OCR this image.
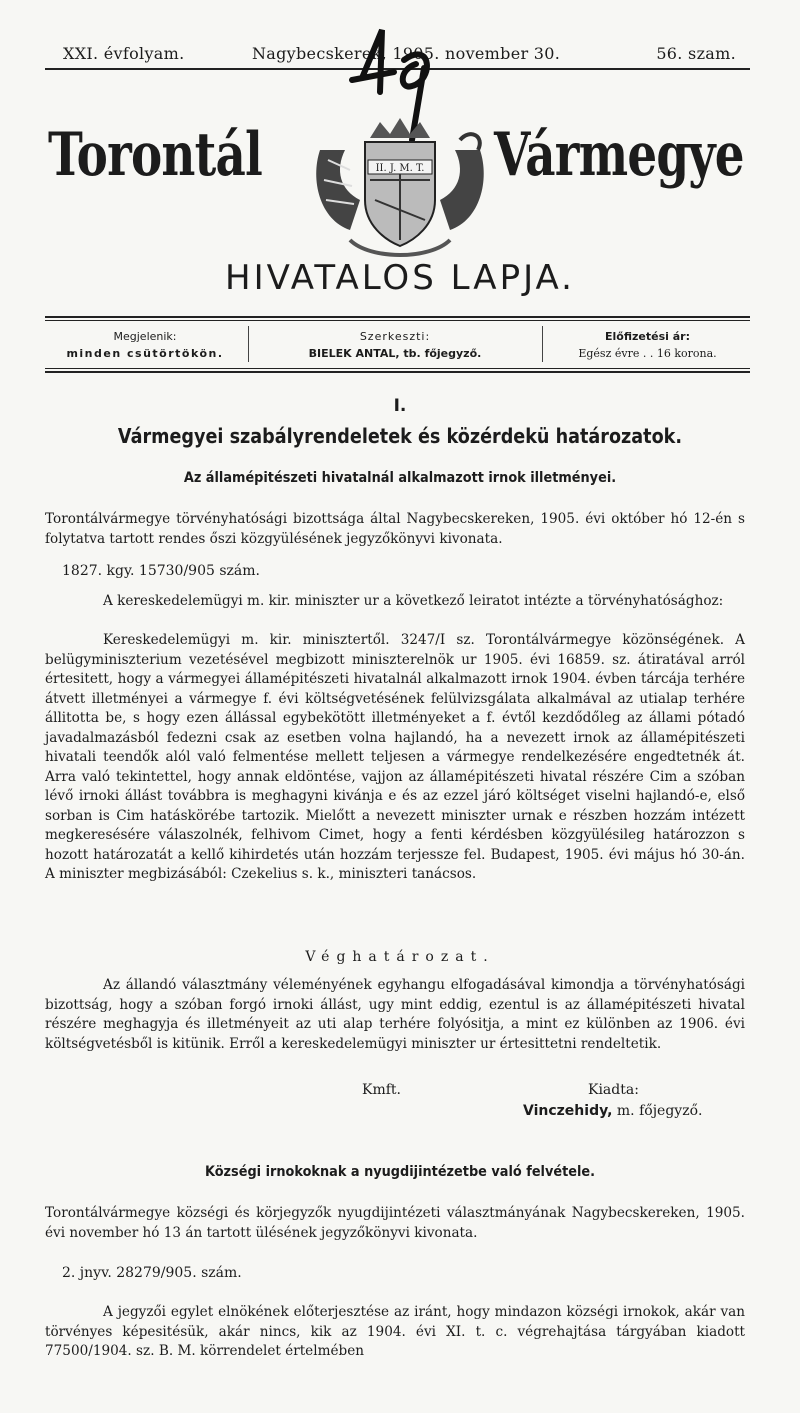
XXI. évfolyam.	Nagybecskerek, 1905. november 30.	56. szam.
Torontál	Vármegye
II. J. M. T.
HIVATALOS LAPJA.
Megjelenik:
minden csütörtökön.
Szerkeszti:
BIELEK ANTAL, tb. főjegyző.
Előfizetési ár:
Egész évre . . 16 korona.
I.
Vármegyei szabályrendeletek és közérdekü határozatok.
Az államépitészeti hivatalnál alkalmazott irnok illetményei.
Torontálvármegye törvényhatósági bizottsága által Nagybecskereken, 1905. évi október hó 12-én s folytatva tartott rendes őszi közgyülésének jegyzőkönyvi kivonata.
1827. kgy. 15730/905 szám.
A kereskedelemügyi m. kir. miniszter ur a következő leiratot intézte a törvényhatósághoz:
Kereskedelemügyi m. kir. minisztertől. 3247/I sz. Torontálvármegye közönségének. A belügyminiszterium vezetésével megbizott miniszterelnök ur 1905. évi 16859. sz. átiratával arról értesitett, hogy a vármegyei államépitészeti hivatalnál alkalmazott irnok 1904. évben tárcája terhére átvett illetményei a vármegye f. évi költségvetésének felülvizsgálata alkalmával az utialap terhére állitotta be, s hogy ezen állással egybekötött illetményeket a f. évtől kezdődőleg az állami pótadó javadalmazásból fedezni csak az esetben volna hajlandó, ha a nevezett irnok az államépitészeti hivatali teendők alól való felmentése mellett teljesen a vármegye rendelkezésére engedtetnék át. Arra való tekintettel, hogy annak eldöntése, vajjon az államépitészeti hivatal részére Cim a szóban lévő irnoki állást továbbra is meghagyni kivánja e és az ezzel járó költséget viselni hajlandó-e, első sorban is Cim hatáskörébe tartozik. Mielőtt a nevezett miniszter urnak e részben hozzám intézett megkeresésére válaszolnék, felhivom Cimet, hogy a fenti kérdésben közgyülésileg határozzon s hozott határozatát a kellő kihirdetés után hozzám terjessze fel. Budapest, 1905. évi május hó 30-án. A miniszter megbizásából: Czekelius s. k., miniszteri tanácsos.
Véghatározat.
Az állandó választmány véleményének egyhangu elfogadásával kimondja a törvényhatósági bizottság, hogy a szóban forgó irnoki állást, ugy mint eddig, ezentul is az államépitészeti hivatal részére meghagyja és illetményeit az uti alap terhére folyósitja, a mint ez különben az 1906. évi költségvetésből is kitünik. Erről a kereskedelemügyi miniszter ur értesittetni rendeltetik.
Kmft.	Kiadta:
Vinczehidy, m. főjegyző.
Községi irnokoknak a nyugdijintézetbe való felvétele.
Torontálvármegye községi és körjegyzők nyugdijintézeti választmányának Nagybecskereken, 1905. évi november hó 13 án tartott ülésének jegyzőkönyvi kivonata.
2. jnyv. 28279/905. szám.
A jegyzői egylet elnökének előterjesztése az iránt, hogy mindazon községi irnokok, akár van törvényes képesitésük, akár nincs, kik az 1904. évi XI. t. c. végrehajtása tárgyában kiadott 77500/1904. sz. B. M. körrendelet értelmében
